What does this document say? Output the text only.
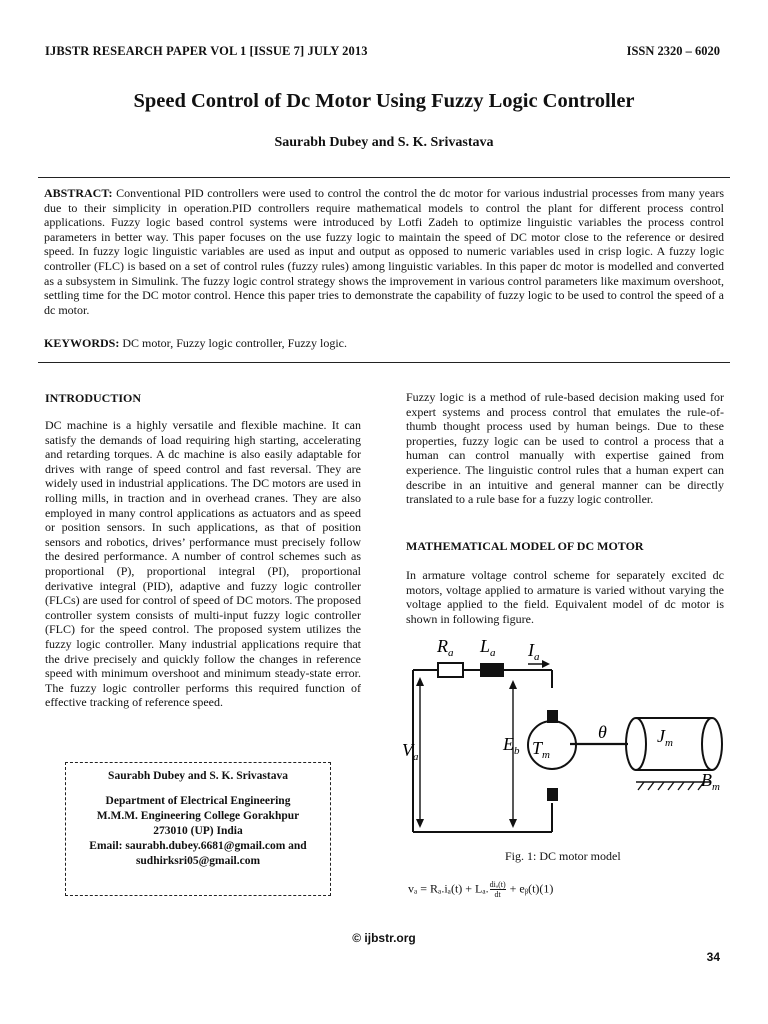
IJBSTR RESEARCH PAPER VOL 1 [ISSUE 7] JULY 2013	ISSN 2320 – 6020
Speed Control of Dc Motor Using Fuzzy Logic Controller
Saurabh Dubey and S. K. Srivastava
ABSTRACT: Conventional PID controllers were used to control the control the dc motor for various industrial processes from many years due to their simplicity in operation.PID controllers require mathematical models to control the plant for different process control applications. Fuzzy logic based control systems were introduced by Lotfi Zadeh to optimize linguistic variables the process control parameters in better way. This paper focuses on the use fuzzy logic to maintain the speed of DC motor close to the reference or desired speed. In fuzzy logic linguistic variables are used as input and output as opposed to numeric variables used in crisp logic. A fuzzy logic controller (FLC) is based on a set of control rules (fuzzy rules) among linguistic variables. In this paper dc motor is modelled and converted as a subsystem in Simulink. The fuzzy logic control strategy shows the improvement in various control parameters like maximum overshoot, settling time for the DC motor control. Hence this paper tries to demonstrate the capability of fuzzy logic to be used to control the speed of a dc motor.
KEYWORDS: DC motor, Fuzzy logic controller, Fuzzy logic.
INTRODUCTION
DC machine is a highly versatile and flexible machine. It can satisfy the demands of load requiring high starting, accelerating and retarding torques. A dc machine is also easily adaptable for drives with range of speed control and fast reversal. They are widely used in industrial applications. The DC motors are used in rolling mills, in traction and in overhead cranes. They are also employed in many control applications as actuators and as speed or position sensors. In such applications, as that of position sensors and robotics, drives’ performance must precisely follow the desired performance. A number of control schemes such as proportional (P), proportional integral (PI), proportional derivative integral (PID), adaptive and fuzzy logic controller (FLCs) are used for control of speed of DC motors. The proposed controller system consists of multi-input fuzzy logic controller (FLC) for the speed control. The proposed system utilizes the fuzzy logic controller. Many industrial applications require that the drive precisely and quickly follow the changes in reference speed with minimum overshoot and minimum steady-state error. The fuzzy logic controller performs this required function of effective tracking of reference speed.
Saurabh Dubey and S. K. Srivastava
Department of Electrical Engineering
M.M.M. Engineering College Gorakhpur
273010 (UP) India
Email: saurabh.dubey.6681@gmail.com and
sudhirksri05@gmail.com
Fuzzy logic is a method of rule-based decision making used for expert systems and process control that emulates the rule-of-thumb thought process used by human beings. Due to these properties, fuzzy logic can be used to control a process that a human can control manually with expertise gained from experience. The linguistic control rules that a human expert can describe in an intuitive and general manner can be directly translated to a rule base for a fuzzy logic controller.
MATHEMATICAL MODEL OF DC MOTOR
In armature voltage control scheme for separately excited dc motors, voltage applied to armature is varied without varying the voltage applied to the field. Equivalent model of dc motor is shown in following figure.
$R_a$ $L_a$ $I_a$
$V_a$
$E_b$ $T_m$
θ	$J_m$
$B_m$
Fig. 1: DC motor model
vₐ = Rₐ.iₐ(t) + Lₐ. diₐ(t)
dt + eᵦ(t)(1)
© ijbstr.org
34
